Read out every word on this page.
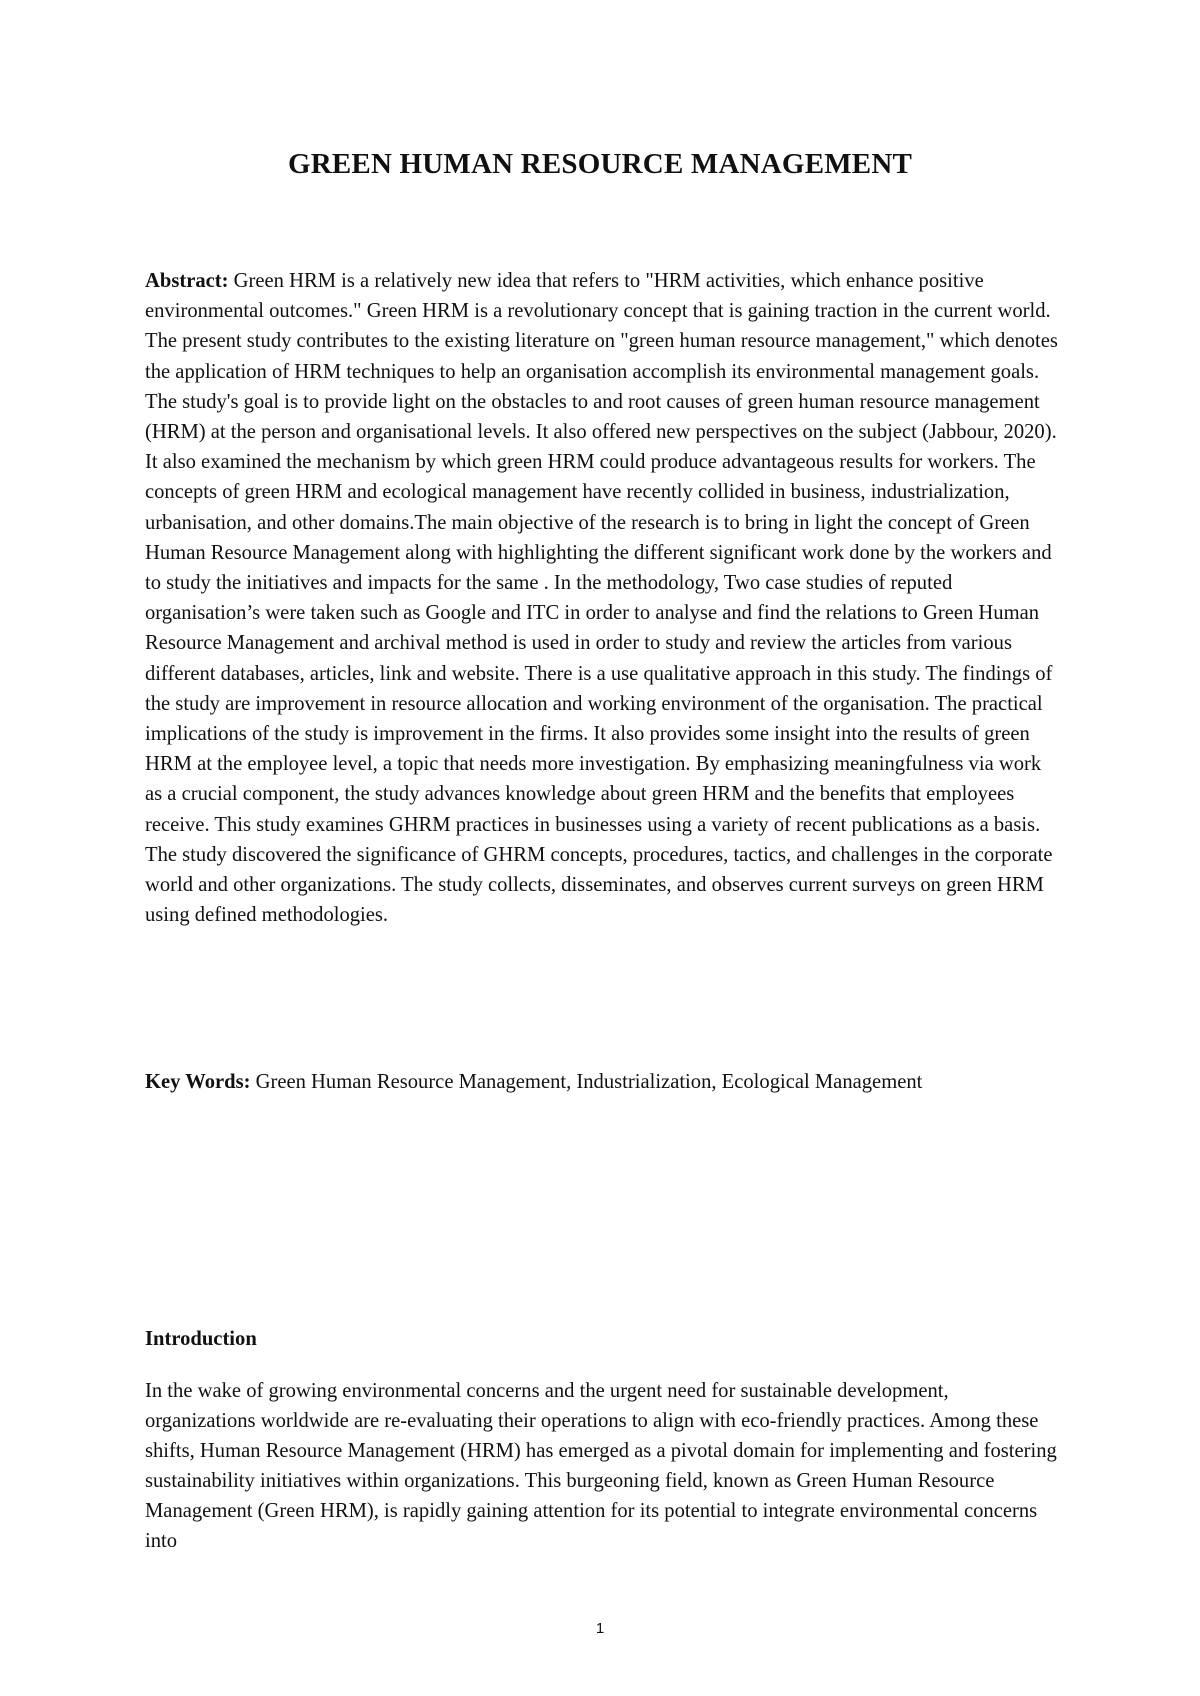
GREEN HUMAN RESOURCE MANAGEMENT

Abstract: Green HRM is a relatively new idea that refers to "HRM activities, which enhance positive environmental outcomes." Green HRM is a revolutionary concept that is gaining traction in the current world. The present study contributes to the existing literature on "green human resource management," which denotes the application of HRM techniques to help an organisation accomplish its environmental management goals. The study's goal is to provide light on the obstacles to and root causes of green human resource management (HRM) at the person and organisational levels. It also offered new perspectives on the subject (Jabbour, 2020). It also examined the mechanism by which green HRM could produce advantageous results for workers. The concepts of green HRM and ecological management have recently collided in business, industrialization, urbanisation, and other domains.The main objective of the research is to bring in light the concept of Green Human Resource Management along with highlighting the different significant work done by the workers and to study the initiatives and impacts for the same . In the methodology, Two case studies of reputed organisation’s were taken such as Google and ITC in order to analyse and find the relations to Green Human Resource Management and archival method is used in order to study and review the articles from various different databases, articles, link and website. There is a use qualitative approach in this study. The findings of the study are improvement in resource allocation and working environment of the organisation. The practical implications of the study is improvement in the firms. It also provides some insight into the results of green HRM at the employee level, a topic that needs more investigation. By emphasizing meaningfulness via work as a crucial component, the study advances knowledge about green HRM and the benefits that employees receive. This study examines GHRM practices in businesses using a variety of recent publications as a basis. The study discovered the significance of GHRM concepts, procedures, tactics, and challenges in the corporate world and other organizations. The study collects, disseminates, and observes current surveys on green HRM using defined methodologies.

Key Words: Green Human Resource Management, Industrialization, Ecological Management

Introduction

In the wake of growing environmental concerns and the urgent need for sustainable development, organizations worldwide are re-evaluating their operations to align with eco-friendly practices. Among these shifts, Human Resource Management (HRM) has emerged as a pivotal domain for implementing and fostering sustainability initiatives within organizations. This burgeoning field, known as Green Human Resource Management (Green HRM), is rapidly gaining attention for its potential to integrate environmental concerns into

1
